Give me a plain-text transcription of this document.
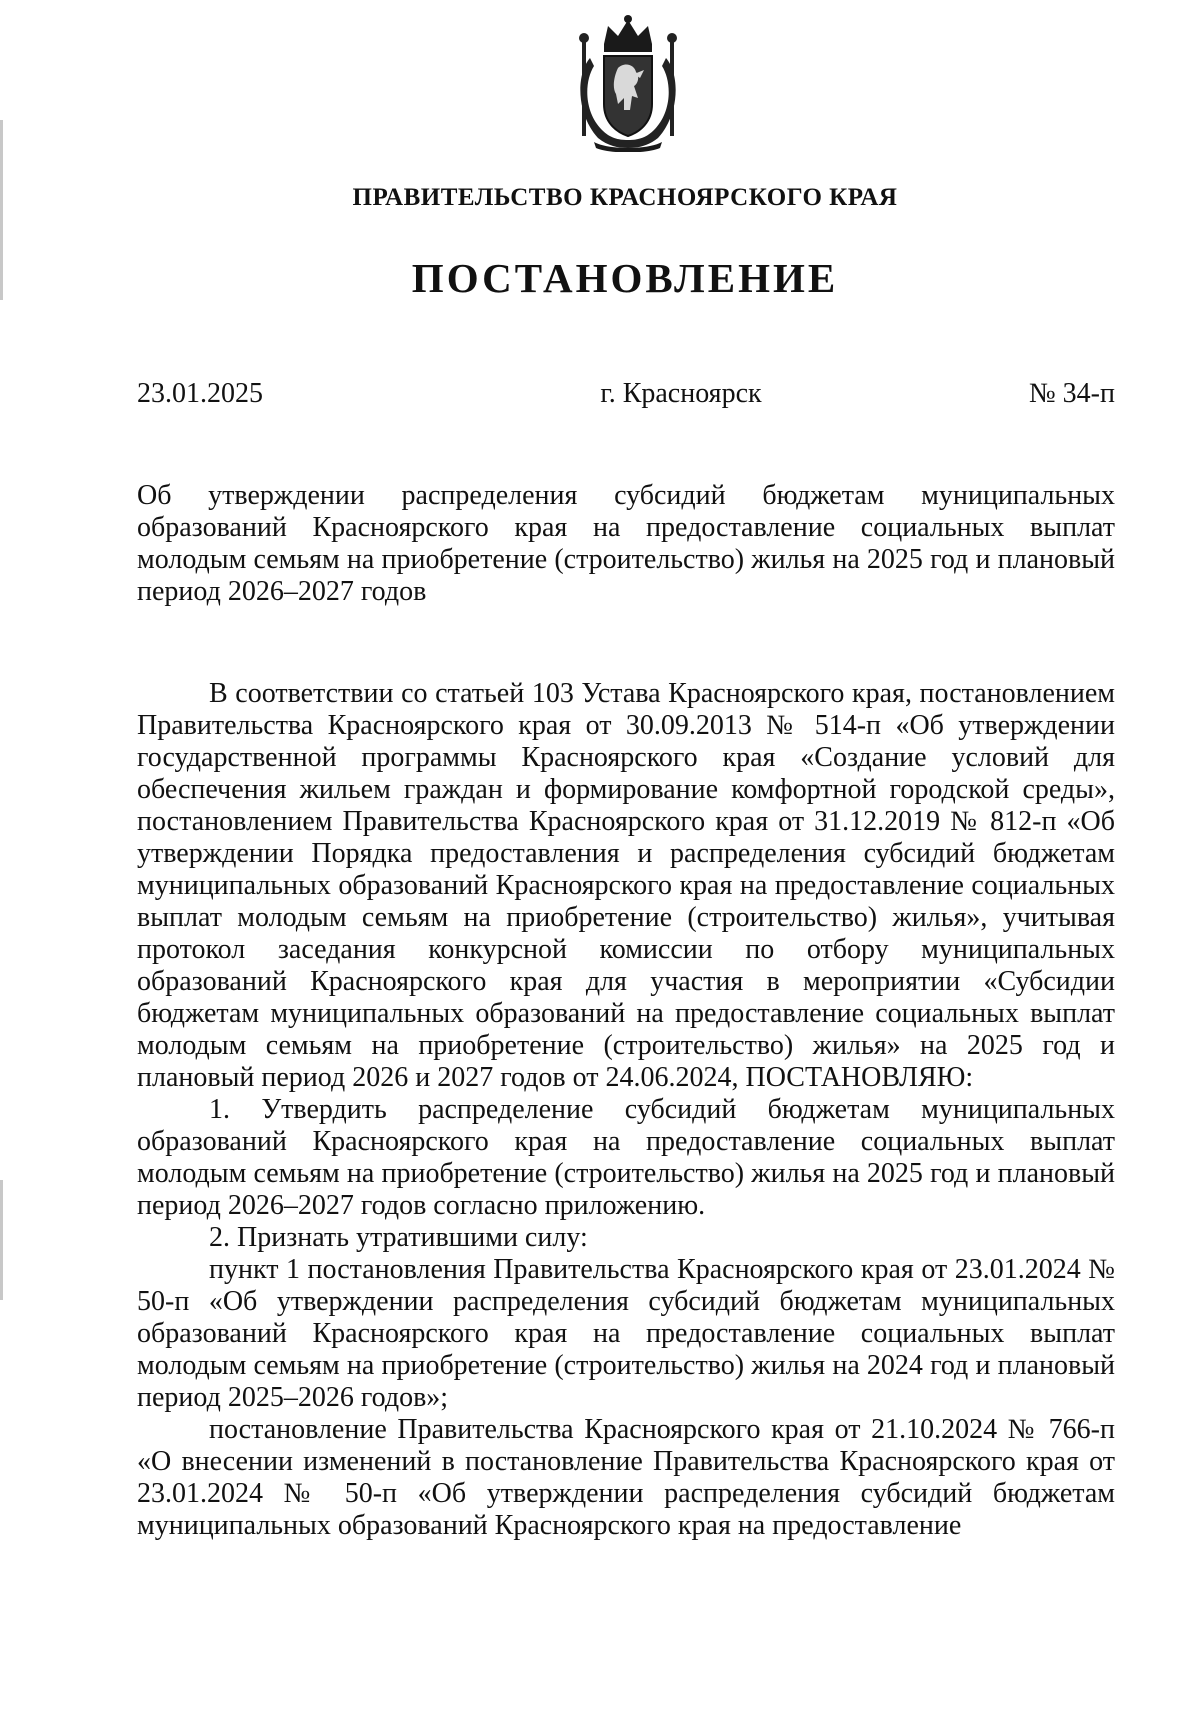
ПРАВИТЕЛЬСТВО КРАСНОЯРСКОГО КРАЯ
ПОСТАНОВЛЕНИЕ
23.01.2025	г. Красноярск	№ 34-п
Об утверждении распределения субсидий бюджетам муниципальных образований Красноярского края на предоставление социальных выплат молодым семьям на приобретение (строительство) жилья на 2025 год и плановый период 2026–2027 годов

В соответствии со статьей 103 Устава Красноярского края, постановлением Правительства Красноярского края от 30.09.2013 № 514-п «Об утверждении государственной программы Красноярского края «Создание условий для обеспечения жильем граждан и формирование комфортной городской среды», постановлением Правительства Красноярского края от 31.12.2019 № 812-п «Об утверждении Порядка предоставления и распределения субсидий бюджетам муниципальных образований Красноярского края на предоставление социальных выплат молодым семьям на приобретение (строительство) жилья», учитывая протокол заседания конкурсной комиссии по отбору муниципальных образований Красноярского края для участия в мероприятии «Субсидии бюджетам муниципальных образований на предоставление социальных выплат молодым семьям на приобретение (строительство) жилья» на 2025 год и плановый период 2026 и 2027 годов от 24.06.2024, ПОСТАНОВЛЯЮ:

1. Утвердить распределение субсидий бюджетам муниципальных образований Красноярского края на предоставление социальных выплат молодым семьям на приобретение (строительство) жилья на 2025 год и плановый период 2026–2027 годов согласно приложению.

2. Признать утратившими силу:

пункт 1 постановления Правительства Красноярского края от 23.01.2024 № 50-п «Об утверждении распределения субсидий бюджетам муниципальных образований Красноярского края на предоставление социальных выплат молодым семьям на приобретение (строительство) жилья на 2024 год и плановый период 2025–2026 годов»;

постановление Правительства Красноярского края от 21.10.2024 № 766-п «О внесении изменений в постановление Правительства Красноярского края от 23.01.2024 № 50-п «Об утверждении распределения субсидий бюджетам муниципальных образований Красноярского края на предоставление
